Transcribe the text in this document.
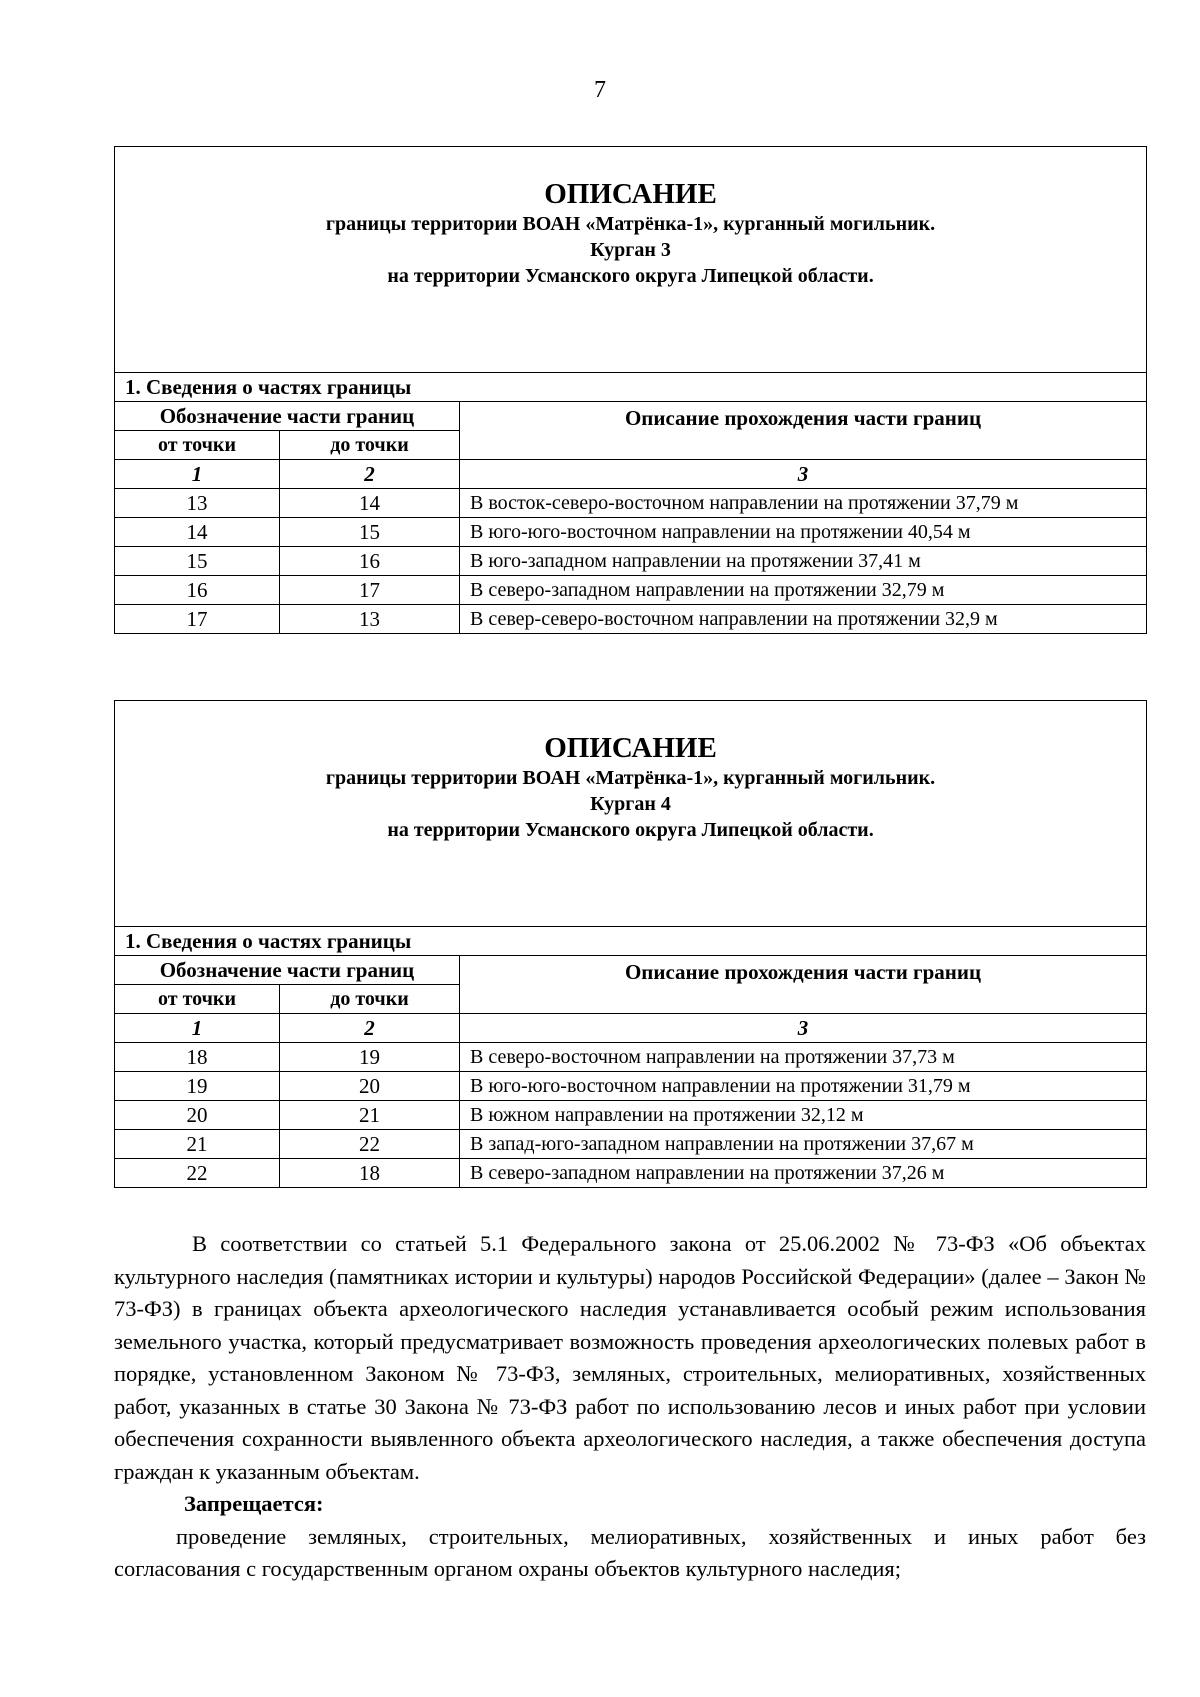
7
ОПИСАНИЕ
границы территории ВОАН «Матрёнка-1», курганный могильник.
Курган 3
на территории Усманского округа Липецкой области.		

1. Сведения о частях границы		
Обозначение части границ		Описание прохождения части границ
от точки	до точки	
1	2	3
13	14	В восток-северо-восточном направлении на протяжении 37,79 м
14	15	В юго-юго-восточном направлении на протяжении 40,54 м
15	16	В юго-западном направлении на протяжении 37,41 м
16	17	В северо-западном направлении на протяжении 32,79 м
17	13	В север-северо-восточном направлении на протяжении 32,9 м
ОПИСАНИЕ
границы территории ВОАН «Матрёнка-1», курганный могильник.
Курган 4
на территории Усманского округа Липецкой области.		

1. Сведения о частях границы		
Обозначение части границ		Описание прохождения части границ
от точки	до точки	
1	2	3
18	19	В северо-восточном направлении на протяжении 37,73 м
19	20	В юго-юго-восточном направлении на протяжении 31,79 м
20	21	В южном направлении на протяжении 32,12 м
21	22	В запад-юго-западном направлении на протяжении 37,67 м
22	18	В северо-западном направлении на протяжении 37,26 м

В соответствии со статьей 5.1 Федерального закона от 25.06.2002 № 73-ФЗ «Об объектах культурного наследия (памятниках истории и культуры) народов Российской Федерации» (далее – Закон № 73-ФЗ) в границах объекта археологического наследия устанавливается особый режим использования земельного участка, который предусматривает возможность проведения археологических полевых работ в порядке, установленном Законом № 73-ФЗ, земляных, строительных, мелиоративных, хозяйственных работ, указанных в статье 30 Закона № 73-ФЗ работ по использованию лесов и иных работ при условии обеспечения сохранности выявленного объекта археологического наследия, а также обеспечения доступа граждан к указанным объектам.

Запрещается:

проведение земляных, строительных, мелиоративных, хозяйственных и иных работ без согласования с государственным органом охраны объектов культурного наследия;
